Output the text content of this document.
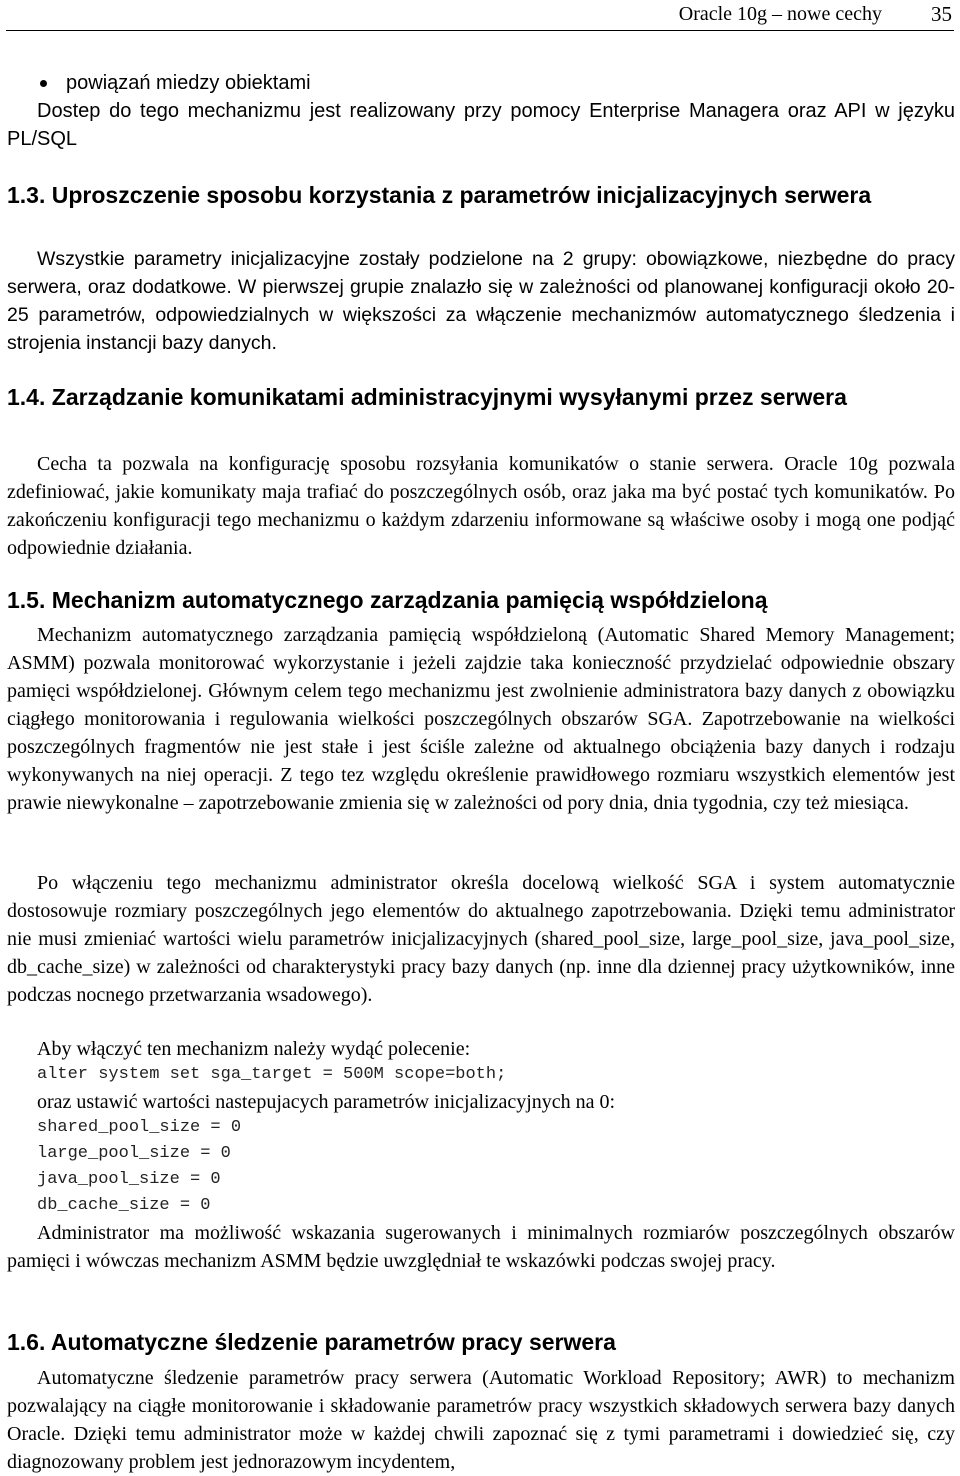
Oracle 10g – nowe cechy 35
powiązań miedzy obiektami
Dostep do tego mechanizmu jest realizowany przy pomocy Enterprise Managera oraz API w języku PL/SQL
1.3. Uproszczenie sposobu korzystania z parametrów inicjalizacyjnych serwera
Wszystkie parametry inicjalizacyjne zostały podzielone na 2 grupy: obowiązkowe, niezbędne do pracy serwera, oraz dodatkowe. W pierwszej grupie znalazło się w zależności od planowanej konfiguracji około 20-25 parametrów, odpowiedzialnych w większości za włączenie mechanizmów automatycznego śledzenia i strojenia instancji bazy danych.
1.4. Zarządzanie komunikatami administracyjnymi wysyłanymi przez serwera
Cecha ta pozwala na konfigurację sposobu rozsyłania komunikatów o stanie serwera. Oracle 10g pozwala zdefiniować, jakie komunikaty maja trafiać do poszczególnych osób, oraz jaka ma być postać tych komunikatów. Po zakończeniu konfiguracji tego mechanizmu o każdym zdarzeniu informowane są właściwe osoby i mogą one podjąć odpowiednie działania.
1.5. Mechanizm automatycznego zarządzania pamięcią współdzieloną
Mechanizm automatycznego zarządzania pamięcią współdzieloną (Automatic Shared Memory Management; ASMM) pozwala monitorować wykorzystanie i jeżeli zajdzie taka konieczność przydzielać odpowiednie obszary pamięci współdzielonej. Głównym celem tego mechanizmu jest zwolnienie administratora bazy danych z obowiązku ciągłego monitorowania i regulowania wielkości poszczególnych obszarów SGA. Zapotrzebowanie na wielkości poszczególnych fragmentów nie jest stałe i jest ściśle zależne od aktualnego obciążenia bazy danych i rodzaju wykonywanych na niej operacji. Z tego tez względu określenie prawidłowego rozmiaru wszystkich elementów jest prawie niewykonalne – zapotrzebowanie zmienia się w zależności od pory dnia, dnia tygodnia, czy też miesiąca.
Po włączeniu tego mechanizmu administrator określa docelową wielkość SGA i system automatycznie dostosowuje rozmiary poszczególnych jego elementów do aktualnego zapotrzebowania. Dzięki temu administrator nie musi zmieniać wartości wielu parametrów inicjalizacyjnych (shared_pool_size, large_pool_size, java_pool_size, db_cache_size) w zależności od charakterystyki pracy bazy danych (np. inne dla dziennej pracy użytkowników, inne podczas nocnego przetwarzania wsadowego).
Aby włączyć ten mechanizm należy wydąć polecenie:
alter system set sga_target = 500M scope=both;
oraz ustawić wartości nastepujacych parametrów inicjalizacyjnych na 0:
shared_pool_size = 0
large_pool_size = 0
java_pool_size = 0
db_cache_size = 0
Administrator ma możliwość wskazania sugerowanych i minimalnych rozmiarów poszczególnych obszarów pamięci i wówczas mechanizm ASMM będzie uwzględniał te wskazówki podczas swojej pracy.
1.6. Automatyczne śledzenie parametrów pracy serwera
Automatyczne śledzenie parametrów pracy serwera (Automatic Workload Repository; AWR) to mechanizm pozwalający na ciągłe monitorowanie i składowanie parametrów pracy wszystkich składowych serwera bazy danych Oracle. Dzięki temu administrator może w każdej chwili zapoznać się z tymi parametrami i dowiedzieć się, czy diagnozowany problem jest jednorazowym incydentem,
